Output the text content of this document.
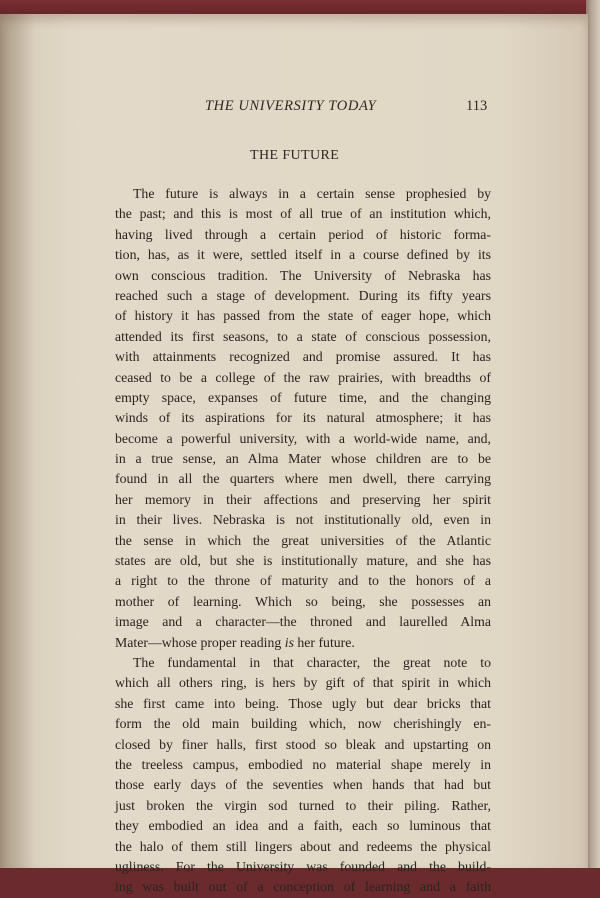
THE UNIVERSITY TODAY	113
THE FUTURE

The future is always in a certain sense prophesied by
the past; and this is most of all true of an institution which,
having lived through a certain period of historic forma-
tion, has, as it were, settled itself in a course defined by its
own conscious tradition. The University of Nebraska has
reached such a stage of development. During its fifty years
of history it has passed from the state of eager hope, which
attended its first seasons, to a state of conscious possession,
with attainments recognized and promise assured. It has
ceased to be a college of the raw prairies, with breadths of
empty space, expanses of future time, and the changing
winds of its aspirations for its natural atmosphere; it has
become a powerful university, with a world-wide name, and,
in a true sense, an Alma Mater whose children are to be
found in all the quarters where men dwell, there carrying
her memory in their affections and preserving her spirit
in their lives. Nebraska is not institutionally old, even in
the sense in which the great universities of the Atlantic
states are old, but she is institutionally mature, and she has
a right to the throne of maturity and to the honors of a
mother of learning. Which so being, she possesses an
image and a character—the throned and laurelled Alma
Mater—whose proper reading is her future.

The fundamental in that character, the great note to
which all others ring, is hers by gift of that spirit in which
she first came into being. Those ugly but dear bricks that
form the old main building which, now cherishingly en-
closed by finer halls, first stood so bleak and upstarting on
the treeless campus, embodied no material shape merely in
those early days of the seventies when hands that had but
just broken the virgin sod turned to their piling. Rather,
they embodied an idea and a faith, each so luminous that
the halo of them still lingers about and redeems the physical
ugliness. For the University was founded and the build-
ing was built out of a conception of learning and a faith
